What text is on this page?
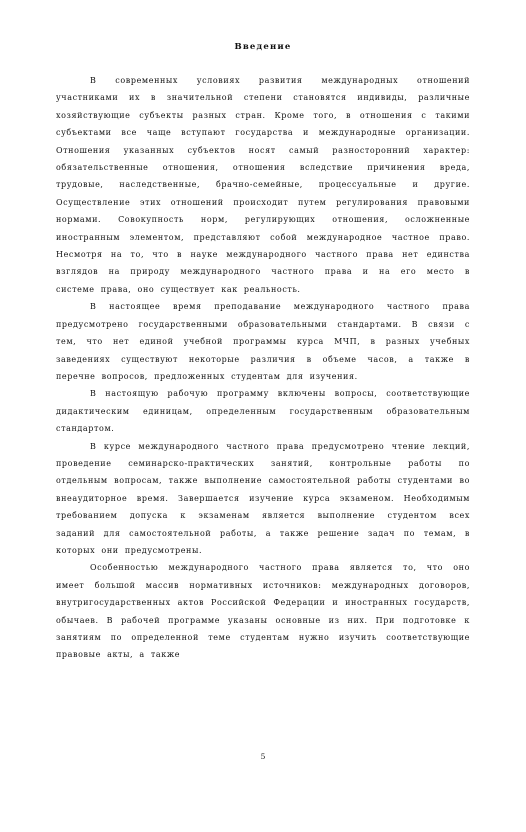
Введение

В современных условиях развития международных отношений участниками их в значительной степени становятся индивиды, различные хозяйствующие субъекты разных стран. Кроме того, в отношения с такими субъектами все чаще вступают государства и международные организации. Отношения указанных субъектов носят самый разносторонний характер: обязательственные отношения, отношения вследствие причинения вреда, трудовые, наследственные, брачно-семейные, процессуальные и другие. Осуществление этих отношений происходит путем регулирования правовыми нормами. Совокупность норм, регулирующих отношения, осложненные иностранным элементом, представляют собой международное частное право. Несмотря на то, что в науке международного частного права нет единства взглядов на природу международного частного права и на его место в системе права, оно существует как реальность.

В настоящее время преподавание международного частного права предусмотрено государственными образовательными стандартами. В связи с тем, что нет единой учебной программы курса МЧП, в разных учебных заведениях существуют некоторые различия в объеме часов, а также в перечне вопросов, предложенных студентам для изучения.

В настоящую рабочую программу включены вопросы, соответствующие дидактическим единицам, определенным государственным образовательным стандартом.

В курсе международного частного права предусмотрено чтение лекций, проведение семинарско-практических занятий, контрольные работы по отдельным вопросам, также выполнение самостоятельной работы студентами во внеаудиторное время. Завершается изучение курса экзаменом. Необходимым требованием допуска к экзаменам является выполнение студентом всех заданий для самостоятельной работы, а также решение задач по темам, в которых они предусмотрены.

Особенностью международного частного права является то, что оно имеет большой массив нормативных источников: международных договоров, внутригосударственных актов Российской Федерации и иностранных государств, обычаев. В рабочей программе указаны основные из них. При подготовке к занятиям по определенной теме студентам нужно изучить соответствующие правовые акты, а также

5
